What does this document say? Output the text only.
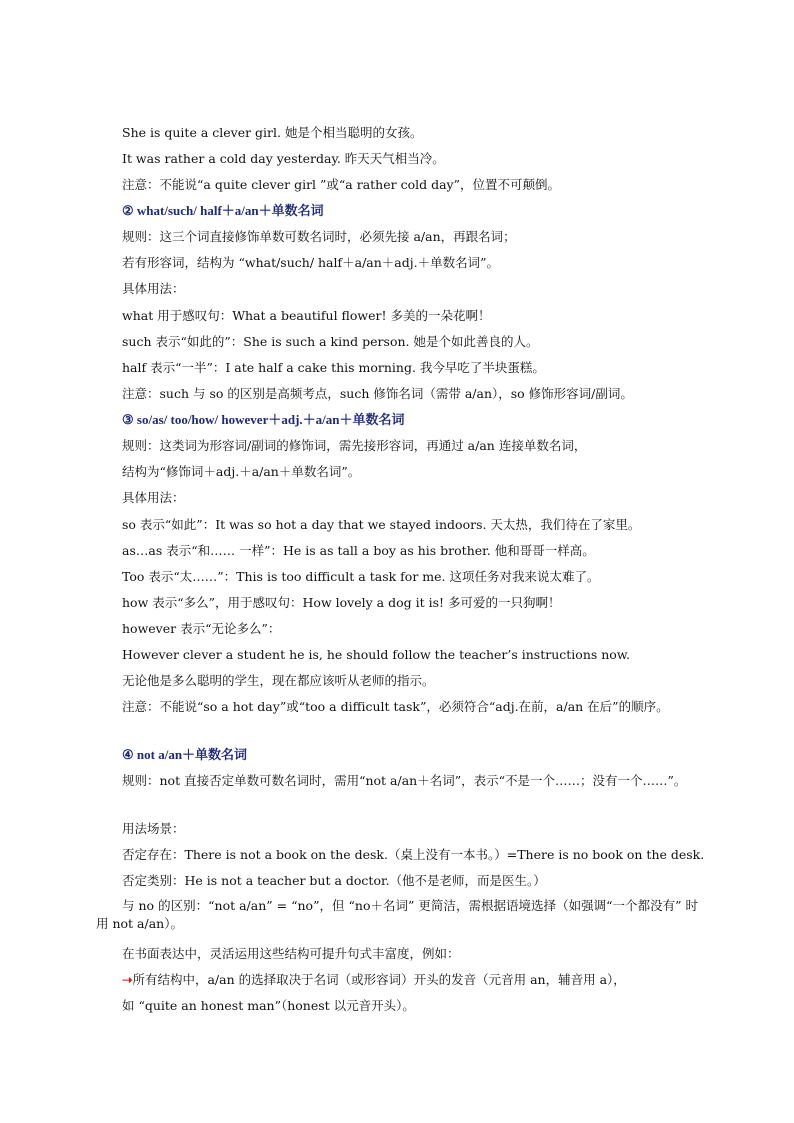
She is quite a clever girl. 她是个相当聪明的女孩。
It was rather a cold day yesterday. 昨天天气相当冷。
注意：不能说“a quite clever girl ”或“a rather cold day”，位置不可颠倒。
② what/such/ half＋a/an＋单数名词
规则：这三个词直接修饰单数可数名词时，必须先接 a/an，再跟名词；
若有形容词，结构为 “what/such/ half＋a/an＋adj.＋单数名词”。
具体用法：
what 用于感叹句：What a beautiful flower! 多美的一朵花啊！
such 表示“如此的”：She is such a kind person. 她是个如此善良的人。
half 表示“一半”：I ate half a cake this morning. 我今早吃了半块蛋糕。
注意：such 与 so 的区别是高频考点，such 修饰名词（需带 a/an），so 修饰形容词/副词。
③ so/as/ too/how/ however＋adj.＋a/an＋单数名词
规则：这类词为形容词/副词的修饰词，需先接形容词，再通过 a/an 连接单数名词，
结构为“修饰词＋adj.＋a/an＋单数名词”。
具体用法：
so 表示“如此”：It was so hot a day that we stayed indoors. 天太热，我们待在了家里。
as…as 表示“和…… 一样”：He is as tall a boy as his brother. 他和哥哥一样高。
Too 表示“太……”：This is too difficult a task for me. 这项任务对我来说太难了。
how 表示“多么”，用于感叹句：How lovely a dog it is! 多可爱的一只狗啊！
however 表示“无论多么”：
However clever a student he is, he should follow the teacher’s instructions now.
无论他是多么聪明的学生，现在都应该听从老师的指示。
注意：不能说“so a hot day”或“too a difficult task”，必须符合“adj.在前，a/an 在后”的顺序。
④ not a/an＋单数名词
规则：not 直接否定单数可数名词时，需用“not a/an＋名词”，表示“不是一个……；没有一个……”。
用法场景：
否定存在：There is not a book on the desk.（桌上没有一本书。）=There is no book on the desk.
否定类别：He is not a teacher but a doctor.（他不是老师，而是医生。）
与 no 的区别：“not a/an” = “no”，但 “no＋名词” 更简洁，需根据语境选择（如强调“一个都没有” 时用 not a/an）。
在书面表达中，灵活运用这些结构可提升句式丰富度，例如：
➝所有结构中，a/an 的选择取决于名词（或形容词）开头的发音（元音用 an，辅音用 a），
如 “quite an honest man”（honest 以元音开头）。
